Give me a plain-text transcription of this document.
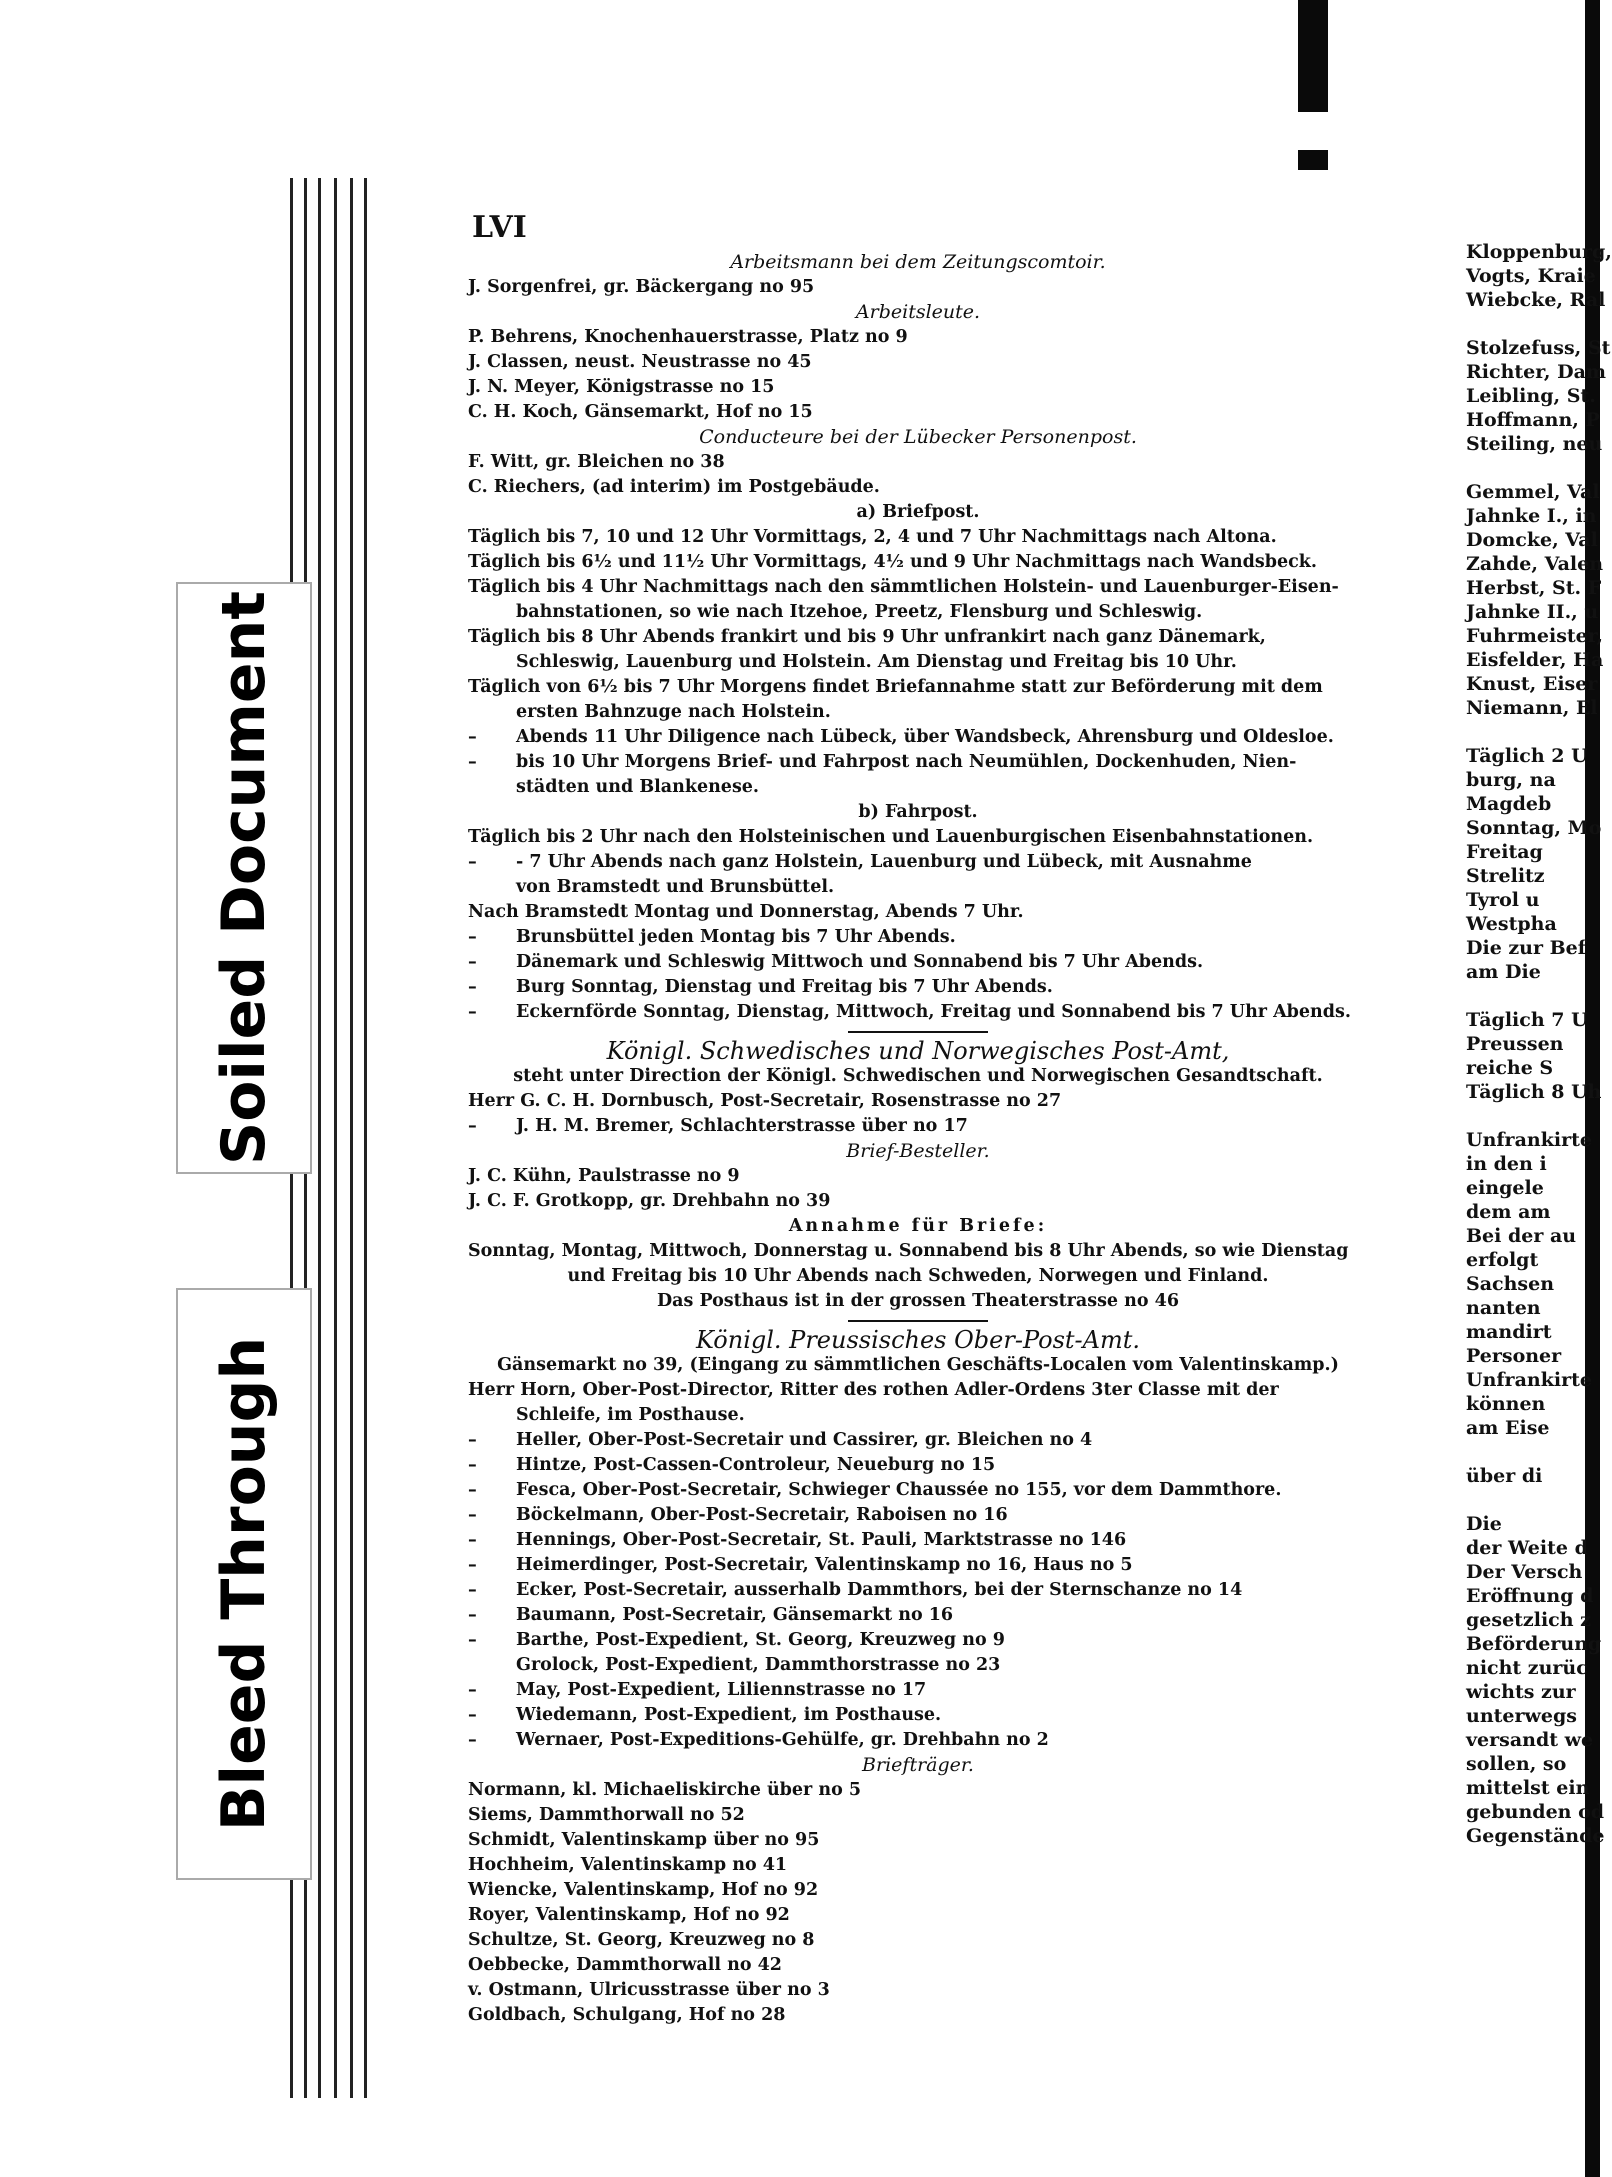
Soiled Document
Bleed Through
LVI
Arbeitsmann bei dem Zeitungscomtoir.
J. Sorgenfrei, gr. Bäckergang no 95
Arbeitsleute.
P. Behrens, Knochenhauerstrasse, Platz no 9
J. Classen, neust. Neustrasse no 45
J. N. Meyer, Königstrasse no 15
C. H. Koch, Gänsemarkt, Hof no 15
Conducteure bei der Lübecker Personenpost.
F. Witt, gr. Bleichen no 38
C. Riechers, (ad interim) im Postgebäude.
a) Briefpost.
Täglich bis 7, 10 und 12 Uhr Vormittags, 2, 4 und 7 Uhr Nachmittags nach Altona.
Täglich bis 6½ und 11½ Uhr Vormittags, 4½ und 9 Uhr Nachmittags nach Wandsbeck.
Täglich bis 4 Uhr Nachmittags nach den sämmtlichen Holstein- und Lauenburger-Eisen-
bahnstationen, so wie nach Itzehoe, Preetz, Flensburg und Schleswig.
Täglich bis 8 Uhr Abends frankirt und bis 9 Uhr unfrankirt nach ganz Dänemark,
Schleswig, Lauenburg und Holstein. Am Dienstag und Freitag bis 10 Uhr.
Täglich von 6½ bis 7 Uhr Morgens findet Briefannahme statt zur Beförderung mit dem
ersten Bahnzuge nach Holstein.
–	Abends 11 Uhr Diligence nach Lübeck, über Wandsbeck, Ahrensburg und Oldesloe.
–	bis 10 Uhr Morgens Brief- und Fahrpost nach Neumühlen, Dockenhuden, Nien-
städten und Blankenese.
b) Fahrpost.
Täglich bis 2 Uhr nach den Holsteinischen und Lauenburgischen Eisenbahnstationen.
–	- 7 Uhr Abends nach ganz Holstein, Lauenburg und Lübeck, mit Ausnahme
von Bramstedt und Brunsbüttel.
Nach Bramstedt Montag und Donnerstag, Abends 7 Uhr.
–	Brunsbüttel jeden Montag bis 7 Uhr Abends.
–	Dänemark und Schleswig Mittwoch und Sonnabend bis 7 Uhr Abends.
–	Burg Sonntag, Dienstag und Freitag bis 7 Uhr Abends.
–	Eckernförde Sonntag, Dienstag, Mittwoch, Freitag und Sonnabend bis 7 Uhr Abends.
Königl. Schwedisches und Norwegisches Post-Amt,
steht unter Direction der Königl. Schwedischen und Norwegischen Gesandtschaft.
Herr G. C. H. Dornbusch, Post-Secretair, Rosenstrasse no 27
–	J. H. M. Bremer, Schlachterstrasse über no 17
Brief-Besteller.
J. C. Kühn, Paulstrasse no 9
J. C. F. Grotkopp, gr. Drehbahn no 39
Annahme für Briefe:
Sonntag, Montag, Mittwoch, Donnerstag u. Sonnabend bis 8 Uhr Abends, so wie Dienstag
und Freitag bis 10 Uhr Abends nach Schweden, Norwegen und Finland.
Das Posthaus ist in der grossen Theaterstrasse no 46
Königl. Preussisches Ober-Post-Amt.
Gänsemarkt no 39, (Eingang zu sämmtlichen Geschäfts-Localen vom Valentinskamp.)
Herr Horn, Ober-Post-Director, Ritter des rothen Adler-Ordens 3ter Classe mit der
Schleife, im Posthause.
–	Heller, Ober-Post-Secretair und Cassirer, gr. Bleichen no 4
–	Hintze, Post-Cassen-Controleur, Neueburg no 15
–	Fesca, Ober-Post-Secretair, Schwieger Chaussée no 155, vor dem Dammthore.
–	Böckelmann, Ober-Post-Secretair, Raboisen no 16
–	Hennings, Ober-Post-Secretair, St. Pauli, Marktstrasse no 146
–	Heimerdinger, Post-Secretair, Valentinskamp no 16, Haus no 5
–	Ecker, Post-Secretair, ausserhalb Dammthors, bei der Sternschanze no 14
–	Baumann, Post-Secretair, Gänsemarkt no 16
–	Barthe, Post-Expedient, St. Georg, Kreuzweg no 9
Grolock, Post-Expedient, Dammthorstrasse no 23
–	May, Post-Expedient, Liliennstrasse no 17
–	Wiedemann, Post-Expedient, im Posthause.
–	Wernaer, Post-Expeditions-Gehülfe, gr. Drehbahn no 2
Briefträger.
Normann, kl. Michaeliskirche über no 5
Siems, Dammthorwall no 52
Schmidt, Valentinskamp über no 95
Hochheim, Valentinskamp no 41
Wiencke, Valentinskamp, Hof no 92
Royer, Valentinskamp, Hof no 92
Schultze, St. Georg, Kreuzweg no 8
Oebbecke, Dammthorwall no 42
v. Ostmann, Ulricusstrasse über no 3
Goldbach, Schulgang, Hof no 28
Kloppenburg,
Vogts, Kraie
Wiebcke, Ral
Stolzefuss, St
Richter, Dam
Leibling, St.
Hoffmann, P
Steiling, neu
Gemmel, Val
Jahnke I., in
Domcke, Val
Zahde, Valen
Herbst, St. F
Jahnke II., u
Fuhrmeister,
Eisfelder, Ha
Knust, Eiser
Niemann, El
Täglich 2 U
burg, na
Magdeb
Sonntag, Mo
Freitag
Strelitz
Tyrol u
Westpha
Die zur Bef
am Die
Täglich 7 U
Preussen
reiche S
Täglich 8 Uh
Unfrankirte
in den i
eingele
dem am
Bei der au
erfolgt
Sachsen
nanten
mandirt
Personer
Unfrankirte
können
am Eise
über di
Die
der Weite d
Der Versch
Eröffnung d
gesetzlich z
Beförderung
nicht zurüc
wichts zur
unterwegs
versandt we
sollen, so
mittelst ein
gebunden od
Gegenstände
